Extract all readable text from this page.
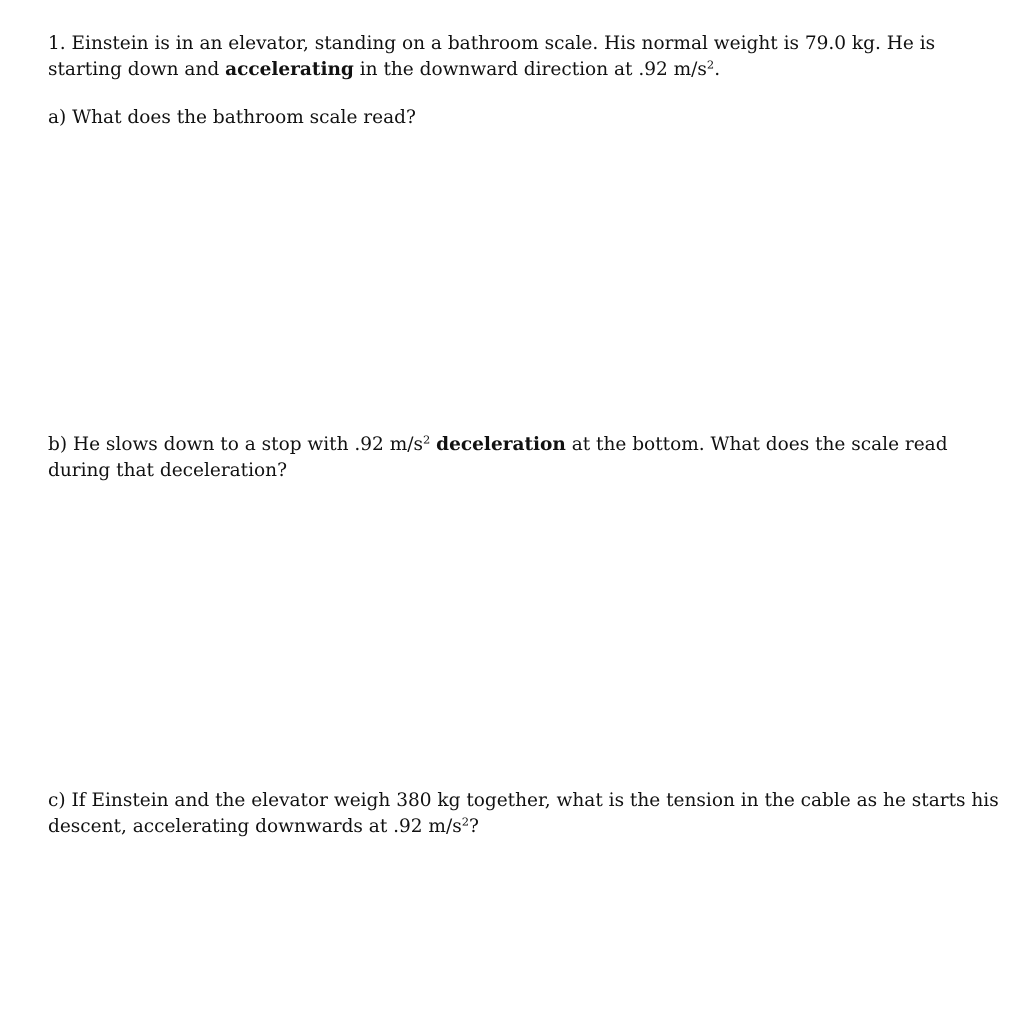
1. Einstein is in an elevator, standing on a bathroom scale. His normal weight is 79.0 kg. He is
starting down and accelerating in the downward direction at .92 $m/s^2$.
a) What does the bathroom scale read?
b) He slows down to a stop with .92 $m/s^2$ deceleration at the bottom. What does the scale read
during that deceleration?
c) If Einstein and the elevator weigh 380 kg together, what is the tension in the cable as he starts his
descent, accelerating downwards at .92 $m/s^2$?
